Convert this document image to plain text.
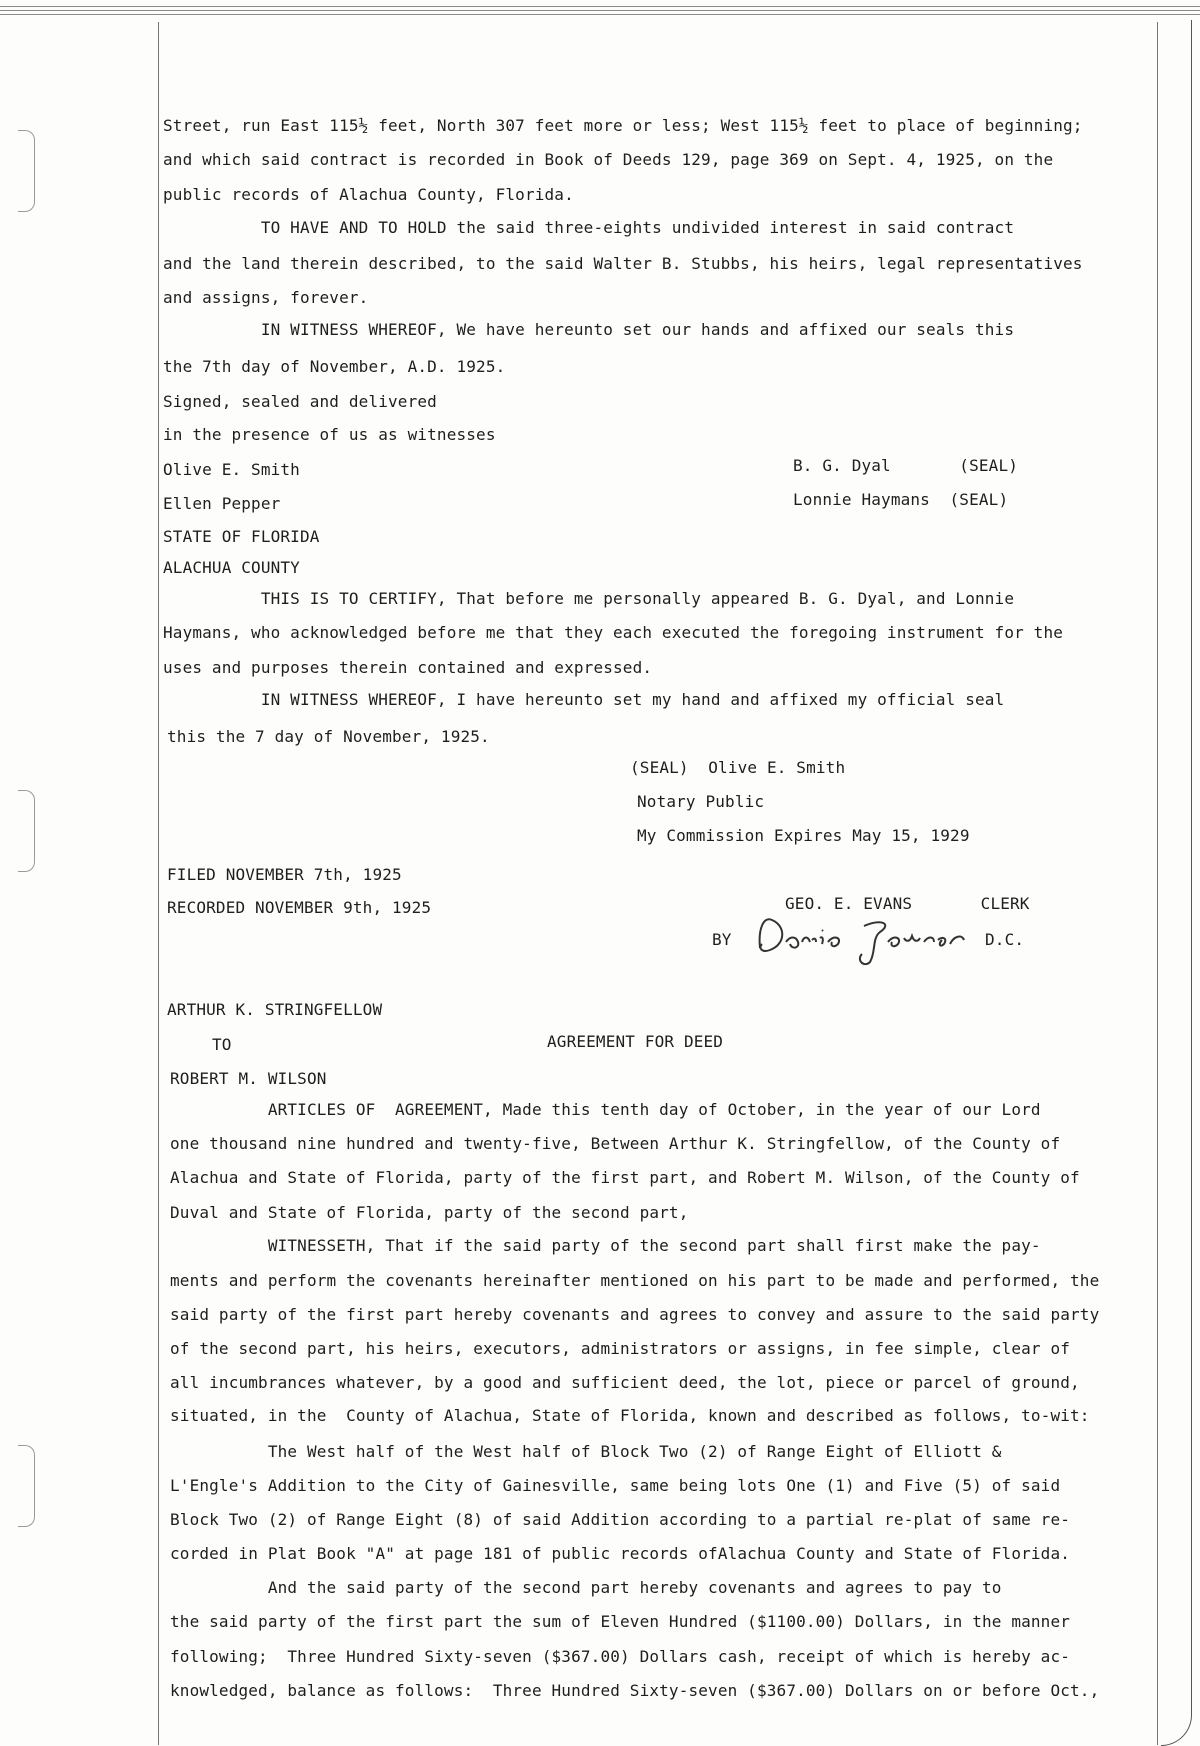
Street, run East 115½ feet, North 307 feet more or less; West 115½ feet to place of beginning;
and which said contract is recorded in Book of Deeds 129, page 369 on Sept. 4, 1925, on the
public records of Alachua County, Florida.
TO HAVE AND TO HOLD the said three-eights undivided interest in said contract
and the land therein described, to the said Walter B. Stubbs, his heirs, legal representatives
and assigns, forever.
IN WITNESS WHEREOF, We have hereunto set our hands and affixed our seals this
the 7th day of November, A.D. 1925.
Signed, sealed and delivered
in the presence of us as witnesses
Olive E. Smith
Ellen Pepper
B. G. Dyal       (SEAL)
Lonnie Haymans  (SEAL)
STATE OF FLORIDA
ALACHUA COUNTY
THIS IS TO CERTIFY, That before me personally appeared B. G. Dyal, and Lonnie
Haymans, who acknowledged before me that they each executed the foregoing instrument for the
uses and purposes therein contained and expressed.
IN WITNESS WHEREOF, I have hereunto set my hand and affixed my official seal
this the 7 day of November, 1925.
(SEAL)  Olive E. Smith
Notary Public
My Commission Expires May 15, 1929
FILED NOVEMBER 7th, 1925
RECORDED NOVEMBER 9th, 1925	GEO. E. EVANS       CLERK
BY	D.C.
ARTHUR K. STRINGFELLOW
TO	AGREEMENT FOR DEED
ROBERT M. WILSON
ARTICLES OF  AGREEMENT, Made this tenth day of October, in the year of our Lord
one thousand nine hundred and twenty-five, Between Arthur K. Stringfellow, of the County of
Alachua and State of Florida, party of the first part, and Robert M. Wilson, of the County of
Duval and State of Florida, party of the second part,
WITNESSETH, That if the said party of the second part shall first make the pay-
ments and perform the covenants hereinafter mentioned on his part to be made and performed, the
said party of the first part hereby covenants and agrees to convey and assure to the said party
of the second part, his heirs, executors, administrators or assigns, in fee simple, clear of
all incumbrances whatever, by a good and sufficient deed, the lot, piece or parcel of ground,
situated, in the  County of Alachua, State of Florida, known and described as follows, to-wit:
The West half of the West half of Block Two (2) of Range Eight of Elliott &
L'Engle's Addition to the City of Gainesville, same being lots One (1) and Five (5) of said
Block Two (2) of Range Eight (8) of said Addition according to a partial re-plat of same re-
corded in Plat Book "A" at page 181 of public records ofAlachua County and State of Florida.
And the said party of the second part hereby covenants and agrees to pay to
the said party of the first part the sum of Eleven Hundred ($1100.00) Dollars, in the manner
following;  Three Hundred Sixty-seven ($367.00) Dollars cash, receipt of which is hereby ac-
knowledged, balance as follows:  Three Hundred Sixty-seven ($367.00) Dollars on or before Oct.,
